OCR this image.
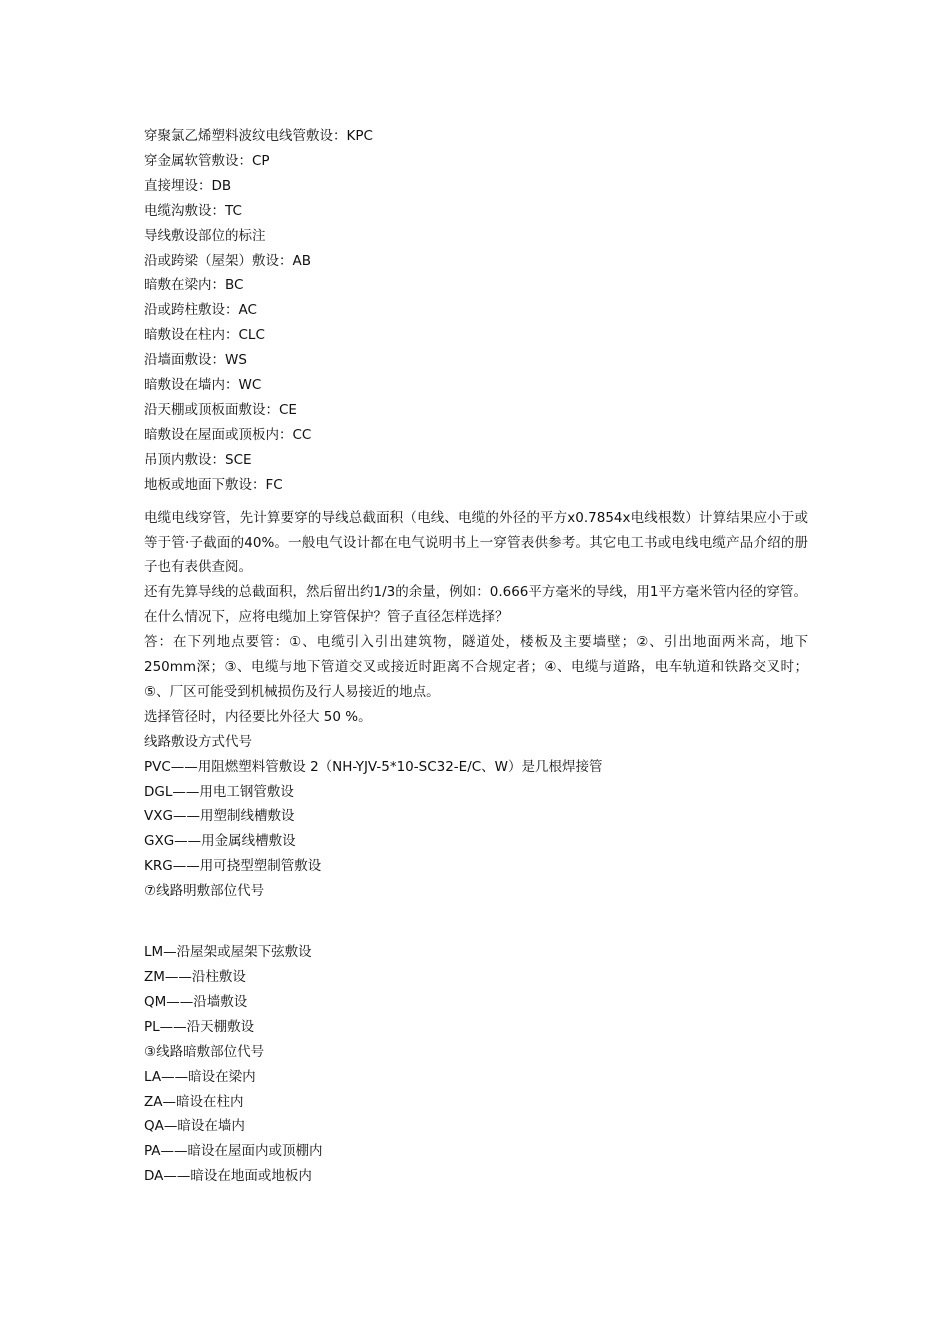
穿聚氯乙烯塑料波纹电线管敷设：KPC
穿金属软管敷设：CP
直接埋设：DB
电缆沟敷设：TC
导线敷设部位的标注
沿或跨梁（屋架）敷设：AB
暗敷在梁内：BC
沿或跨柱敷设：AC
暗敷设在柱内：CLC
沿墙面敷设：WS
暗敷设在墙内：WC
沿天棚或顶板面敷设：CE
暗敷设在屋面或顶板内：CC
吊顶内敷设：SCE
地板或地面下敷设：FC
电缆电线穿管，先计算要穿的导线总截面积（电线、电缆的外径的平方x0.7854x电线根数）计算结果应小于或等于管·子截面的40%。一般电气设计都在电气说明书上一穿管表供参考。其它电工书或电线电缆产品介绍的册子也有表供查阅。
还有先算导线的总截面积，然后留出约1/3的余量，例如：0.666平方毫米的导线，用1平方毫米管内径的穿管。
在什么情况下，应将电缆加上穿管保护？管子直径怎样选择？
答：在下列地点要管：①、电缆引入引出建筑物，隧道处，楼板及主要墙壁；②、引出地面两米高，地下250mm深；③、电缆与地下管道交叉或接近时距离不合规定者；④、电缆与道路，电车轨道和铁路交叉时；⑤、厂区可能受到机械损伤及行人易接近的地点。
选择管径时，内径要比外径大 50 %。
线路敷设方式代号
PVC——用阻燃塑料管敷设 2（NH-YJV-5*10-SC32-E/C、W）是几根焊接管
DGL——用电工钢管敷设
VXG——用塑制线槽敷设
GXG——用金属线槽敷设
KRG——用可挠型塑制管敷设
⑦线路明敷部位代号
LM—沿屋架或屋架下弦敷设
ZM——沿柱敷设
QM——沿墙敷设
PL——沿天棚敷设
③线路暗敷部位代号
LA——暗设在梁内
ZA—暗设在柱内
QA—暗设在墙内
PA——暗设在屋面内或顶棚内
DA——暗设在地面或地板内
